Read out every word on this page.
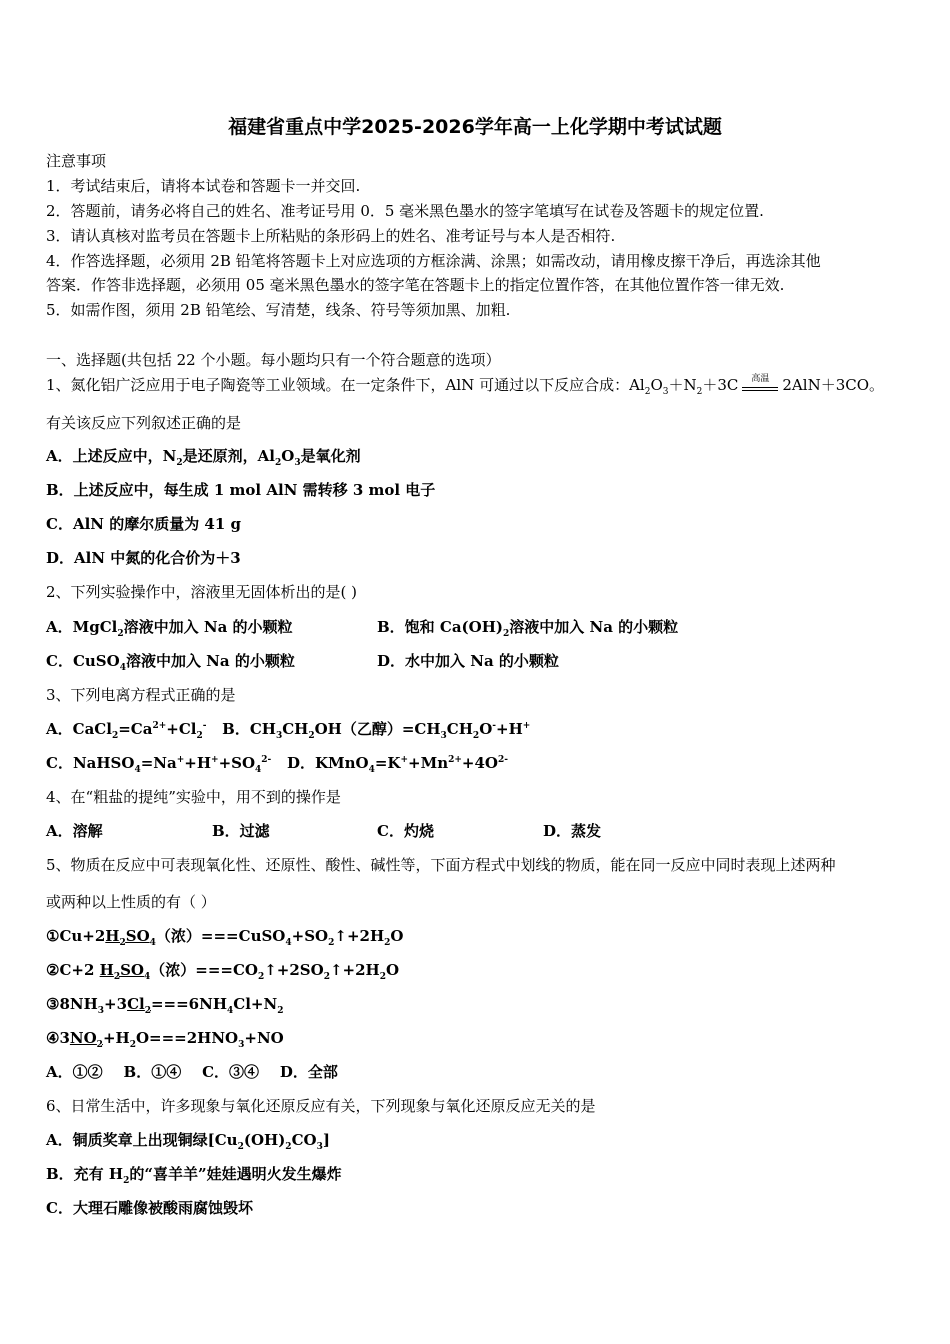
福建省重点中学2025-2026学年高一上化学期中考试试题
注意事项
1．考试结束后，请将本试卷和答题卡一并交回.
2．答题前，请务必将自己的姓名、准考证号用 0．5 毫米黑色墨水的签字笔填写在试卷及答题卡的规定位置.
3．请认真核对监考员在答题卡上所粘贴的条形码上的姓名、准考证号与本人是否相符.
4．作答选择题，必须用 2B 铅笔将答题卡上对应选项的方框涂满、涂黑；如需改动，请用橡皮擦干净后，再选涂其他
答案．作答非选择题，必须用 05 毫米黑色墨水的签字笔在答题卡上的指定位置作答，在其他位置作答一律无效.
5．如需作图，须用 2B 铅笔绘、写清楚，线条、符号等须加黑、加粗.
一、选择题(共包括 22 个小题。每小题均只有一个符合题意的选项）
1、氮化铝广泛应用于电子陶瓷等工业领域。在一定条件下，AlN 可通过以下反应合成：$Al_2O_3+N_2+3C$	高温 2AlN＋3CO。
有关该反应下列叙述正确的是
A．上述反应中，$N_2$是还原剂，$Al_2O_3$是氧化剂
B．上述反应中，每生成 1 mol AlN 需转移 3 mol 电子
C．AlN 的摩尔质量为 41 g
D．AlN 中氮的化合价为＋3
2、下列实验操作中，溶液里无固体析出的是( )
A．MgCl$_2$溶液中加入 Na 的小颗粒	B．饱和 $Ca(OH)_2$溶液中加入 Na 的小颗粒
C．CuSO$_4$溶液中加入 Na 的小颗粒	D．水中加入 Na 的小颗粒
3、下列电离方程式正确的是
A．$CaCl_2=Ca^{2+}+Cl_2^-$ B．$CH_3CH_2OH$（乙醇）$=CH_3CH_2O^-+H^+$
C．$NaHSO_4=Na^++H^++SO_4^{2-}$ D．$KMnO_4=K^++Mn^{2+}+4O^{2-}$
4、在“粗盐的提纯”实验中，用不到的操作是
A．溶解	B．过滤	C．灼烧	D．蒸发
5、物质在反应中可表现氧化性、还原性、酸性、碱性等，下面方程式中划线的物质，能在同一反应中同时表现上述两种
或两种以上性质的有（ ）
$①Cu+2H_2SO_4$（浓）$===CuSO_4+SO_2↑+2H_2O$
②C+2 $H_2SO_4$（浓）$===CO_2↑+2SO_2↑+2H_2O$
$③8NH_3+3Cl_2===6NH_4Cl+N_2$
$④3NO_2+H_2O===2HNO_3+NO$
A．①②    B．①④    C．③④    D．全部
6、日常生活中，许多现象与氧化还原反应有关，下列现象与氧化还原反应无关的是
A．铜质奖章上出现铜绿$[Cu_2(OH)_2CO_3]$
B．充有 $H_2$的“喜羊羊”娃娃遇明火发生爆炸
C．大理石雕像被酸雨腐蚀毁坏
